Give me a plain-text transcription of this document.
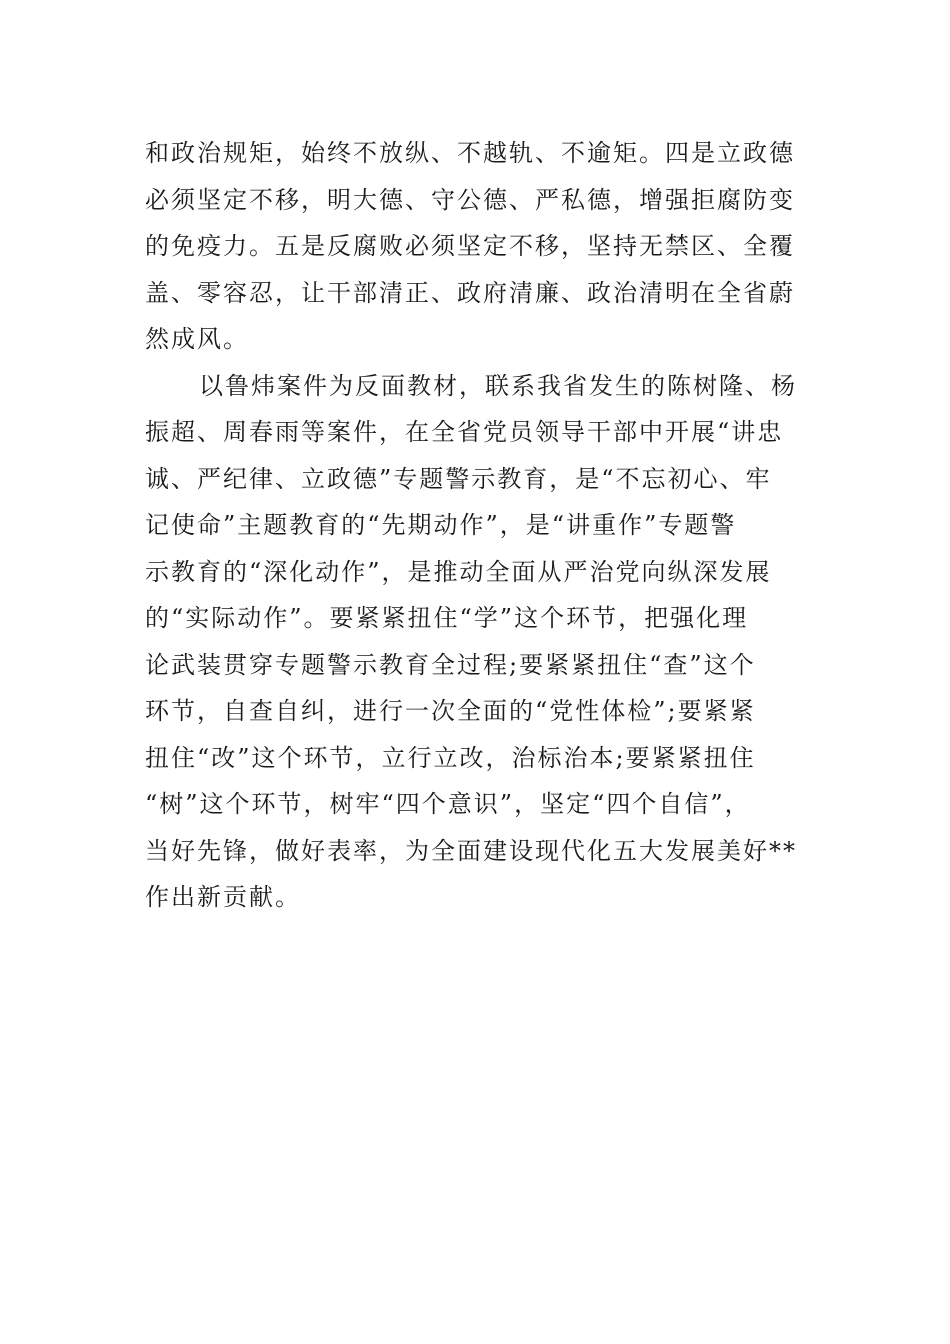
和政治规矩，始终不放纵、不越轨、不逾矩。四是立政德
必须坚定不移，明大德、守公德、严私德，增强拒腐防变
的免疫力。五是反腐败必须坚定不移，坚持无禁区、全覆
盖、零容忍，让干部清正、政府清廉、政治清明在全省蔚
然成风。
以鲁炜案件为反面教材，联系我省发生的陈树隆、杨
振超、周春雨等案件，在全省党员领导干部中开展“讲忠
诚、严纪律、立政德”专题警示教育，是“不忘初心、牢
记使命”主题教育的“先期动作”，是“讲重作”专题警
示教育的“深化动作”，是推动全面从严治党向纵深发展
的“实际动作”。要紧紧扭住“学”这个环节，把强化理
论武装贯穿专题警示教育全过程;要紧紧扭住“查”这个
环节，自查自纠，进行一次全面的“党性体检”;要紧紧
扭住“改”这个环节，立行立改，治标治本;要紧紧扭住
“树”这个环节，树牢“四个意识”，坚定“四个自信”，
当好先锋，做好表率，为全面建设现代化五大发展美好**
作出新贡献。
